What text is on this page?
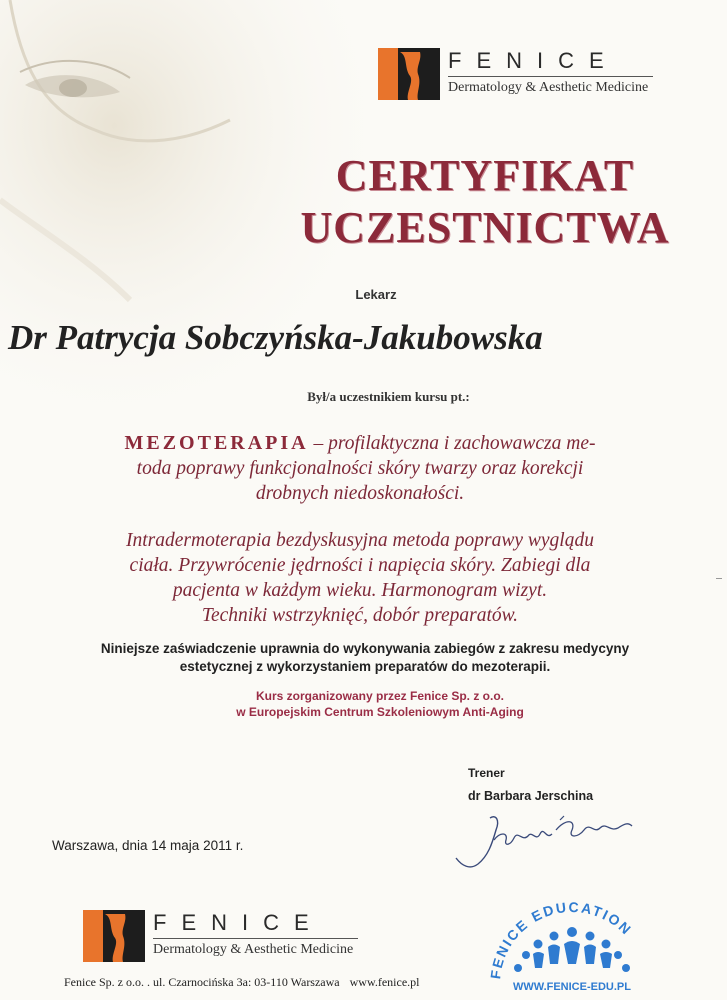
FENICE
Dermatology & Aesthetic Medicine
CERTYFIKAT
UCZESTNICTWA
Lekarz
Dr Patrycja Sobczyńska-Jakubowska
Był/a uczestnikiem kursu pt.:
MEZOTERAPIA – profilaktyczna i zachowawcza me-
toda poprawy funkcjonalności skóry twarzy oraz korekcji
drobnych niedoskonałości.
Intradermoterapia bezdyskusyjna metoda poprawy wyglądu
ciała. Przywrócenie jędrności i napięcia skóry. Zabiegi dla
pacjenta w każdym wieku. Harmonogram wizyt.
Techniki wstrzyknięć, dobór preparatów.
Niniejsze zaświadczenie uprawnia do wykonywania zabiegów z zakresu medycyny
estetycznej z wykorzystaniem preparatów do mezoterapii.
Kurs zorganizowany przez Fenice Sp. z o.o.
w Europejskim Centrum Szkoleniowym Anti-Aging
Trener
dr Barbara Jerschina
Warszawa, dnia 14 maja 2011 r.
FENICE
Dermatology & Aesthetic Medicine
FENICE EDUCATION
WWW.FENICE-EDU.PL
Fenice Sp. z o.o. . ul. Czarnocińska 3a: 03-110 Warszawa www.fenice.pl
